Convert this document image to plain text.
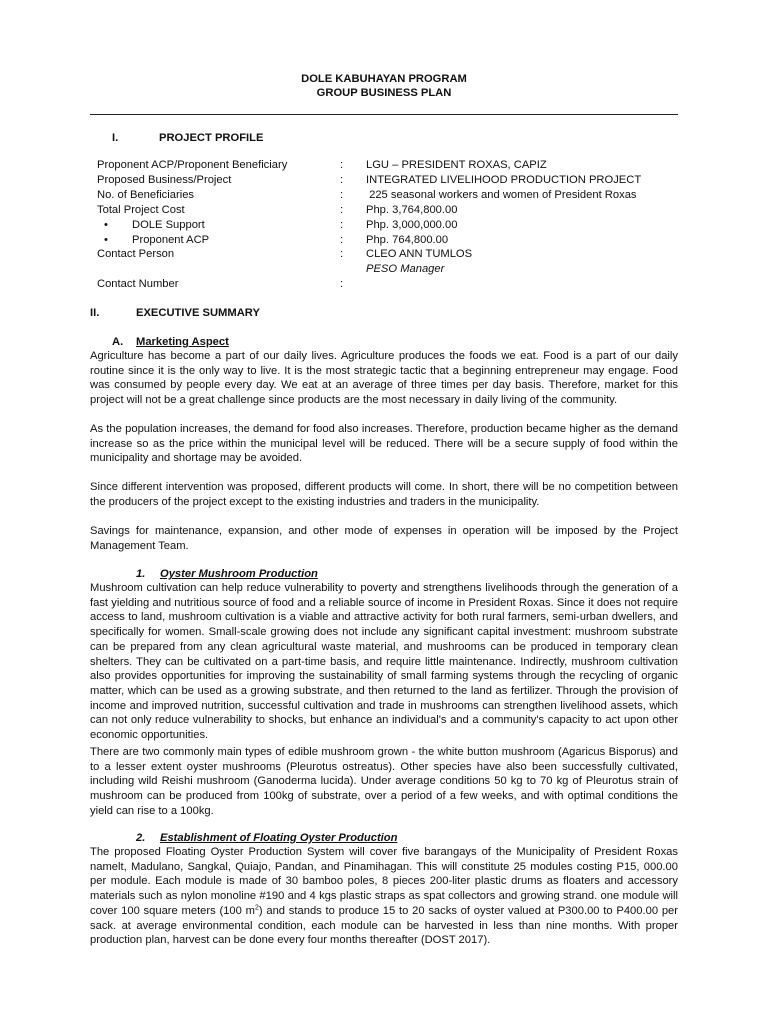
DOLE KABUHAYAN PROGRAM
GROUP BUSINESS PLAN
I.	PROJECT PROFILE
Proponent ACP/Proponent Beneficiary	: LGU – PRESIDENT ROXAS, CAPIZ
Proposed Business/Project	: INTEGRATED LIVELIHOOD PRODUCTION PROJECT
No. of Beneficiaries	: 225 seasonal workers and women of President Roxas
Total Project Cost	: Php. 3,764,800.00
• DOLE Support	: Php. 3,000,000.00
• Proponent ACP	: Php. 764,800.00
Contact Person	: CLEO ANN TUMLOS
PESO Manager
Contact Number	:
II.	EXECUTIVE SUMMARY
A. Marketing Aspect

Agriculture has become a part of our daily lives. Agriculture produces the foods we eat. Food is a part of our daily routine since it is the only way to live. It is the most strategic tactic that a beginning entrepreneur may engage. Food was consumed by people every day. We eat at an average of three times per day basis. Therefore, market for this project will not be a great challenge since products are the most necessary in daily living of the community.

As the population increases, the demand for food also increases. Therefore, production became higher as the demand increase so as the price within the municipal level will be reduced. There will be a secure supply of food within the municipality and shortage may be avoided.

Since different intervention was proposed, different products will come. In short, there will be no competition between the producers of the project except to the existing industries and traders in the municipality.

Savings for maintenance, expansion, and other mode of expenses in operation will be imposed by the Project Management Team.

1. Oyster Mushroom Production

Mushroom cultivation can help reduce vulnerability to poverty and strengthens livelihoods through the generation of a fast yielding and nutritious source of food and a reliable source of income in President Roxas. Since it does not require access to land, mushroom cultivation is a viable and attractive activity for both rural farmers, semi-urban dwellers, and specifically for women. Small-scale growing does not include any significant capital investment: mushroom substrate can be prepared from any clean agricultural waste material, and mushrooms can be produced in temporary clean shelters. They can be cultivated on a part-time basis, and require little maintenance. Indirectly, mushroom cultivation also provides opportunities for improving the sustainability of small farming systems through the recycling of organic matter, which can be used as a growing substrate, and then returned to the land as fertilizer. Through the provision of income and improved nutrition, successful cultivation and trade in mushrooms can strengthen livelihood assets, which can not only reduce vulnerability to shocks, but enhance an individual's and a community's capacity to act upon other economic opportunities.

There are two commonly main types of edible mushroom grown - the white button mushroom (Agaricus Bisporus) and to a lesser extent oyster mushrooms (Pleurotus ostreatus). Other species have also been successfully cultivated, including wild Reishi mushroom (Ganoderma lucida). Under average conditions 50 kg to 70 kg of Pleurotus strain of mushroom can be produced from 100kg of substrate, over a period of a few weeks, and with optimal conditions the yield can rise to a 100kg.

2. Establishment of Floating Oyster Production

The proposed Floating Oyster Production System will cover five barangays of the Municipality of President Roxas namelt, Madulano, Sangkal, Quiajo, Pandan, and Pinamihagan. This will constitute 25 modules costing P15, 000.00 per module. Each module is made of 30 bamboo poles, 8 pieces 200-liter plastic drums as floaters and accessory materials such as nylon monoline #190 and 4 kgs plastic straps as spat collectors and growing strand. one module will cover 100 square meters (100 $m^2$) and stands to produce 15 to 20 sacks of oyster valued at P300.00 to P400.00 per sack. at average environmental condition, each module can be harvested in less than nine months. With proper production plan, harvest can be done every four months thereafter (DOST 2017).
